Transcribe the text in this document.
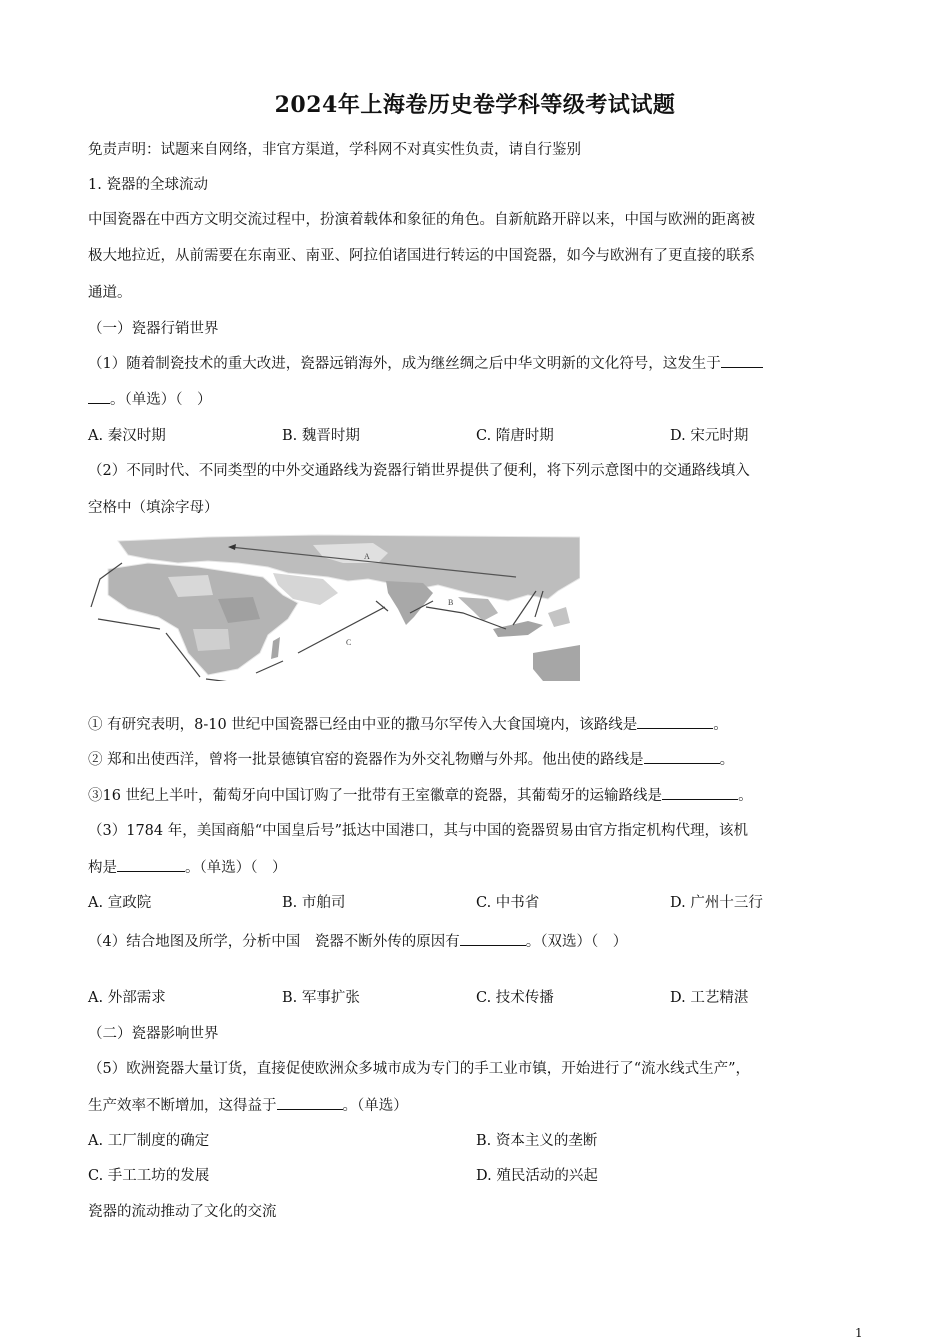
2024年上海卷历史卷学科等级考试试题
免责声明：试题来自网络，非官方渠道，学科网不对真实性负责，请自行鉴别
1. 瓷器的全球流动
中国瓷器在中西方文明交流过程中，扮演着载体和象征的角色。自新航路开辟以来，中国与欧洲的距离被
极大地拉近，从前需要在东南亚、南亚、阿拉伯诸国进行转运的中国瓷器，如今与欧洲有了更直接的联系
通道。
（一）瓷器行销世界
（1）随着制瓷技术的重大改进，瓷器远销海外，成为继丝绸之后中华文明新的文化符号，这发生于
。（单选）（　）
A. 秦汉时期	B. 魏晋时期	C. 隋唐时期	D. 宋元时期
（2）不同时代、不同类型的中外交通路线为瓷器行销世界提供了便利，将下列示意图中的交通路线填入
空格中（填涂字母）
A
B
C
① 有研究表明，8-10 世纪中国瓷器已经由中亚的撒马尔罕传入大食国境内，该路线是	。
② 郑和出使西洋，曾将一批景德镇官窑的瓷器作为外交礼物赠与外邦。他出使的路线是	。
③16 世纪上半叶，葡萄牙向中国订购了一批带有王室徽章的瓷器，其葡萄牙的运输路线是	。
（3）1784 年，美国商船“中国皇后号”抵达中国港口，其与中国的瓷器贸易由官方指定机构代理，该机
构是	。（单选）（　）
A. 宣政院	B. 市舶司	C. 中书省	D. 广州十三行
（4）结合地图及所学，分析中国　瓷器不断外传的原因有	。（双选）（　）
A. 外部需求	B. 军事扩张	C. 技术传播	D. 工艺精湛
（二）瓷器影响世界
（5）欧洲瓷器大量订货，直接促使欧洲众多城市成为专门的手工业市镇，开始进行了“流水线式生产”，
生产效率不断增加，这得益于	。（单选）
A. 工厂制度的确定	B. 资本主义的垄断
C. 手工工坊的发展	D. 殖民活动的兴起
瓷器的流动推动了文化的交流
1
